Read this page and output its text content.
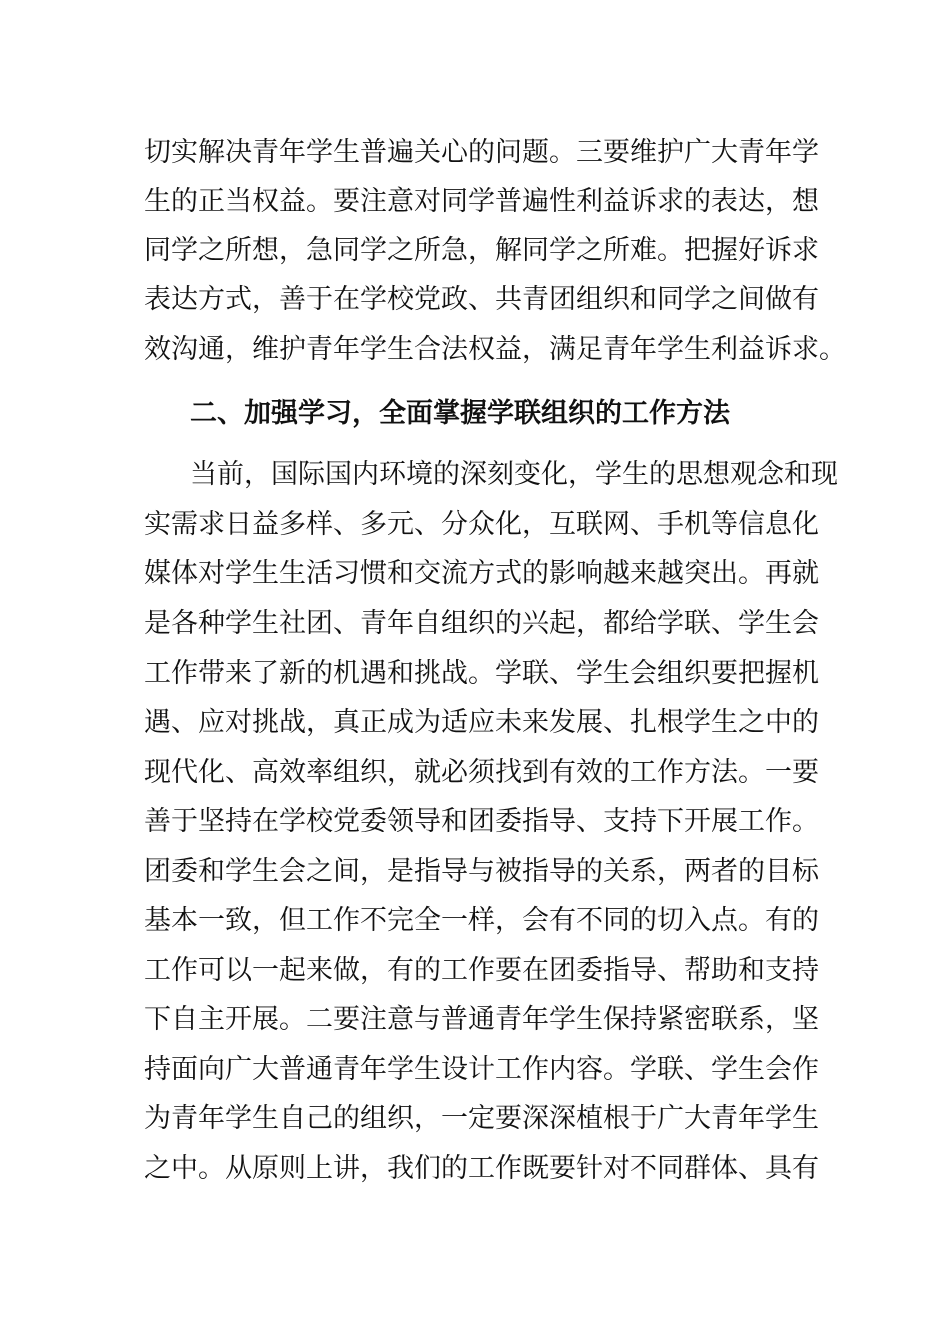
切实解决青年学生普遍关心的问题。三要维护广大青年学
生的正当权益。要注意对同学普遍性利益诉求的表达，想
同学之所想，急同学之所急，解同学之所难。把握好诉求
表达方式，善于在学校党政、共青团组织和同学之间做有
效沟通，维护青年学生合法权益，满足青年学生利益诉求。
二、加强学习，全面掌握学联组织的工作方法
当前，国际国内环境的深刻变化，学生的思想观念和现
实需求日益多样、多元、分众化，互联网、手机等信息化
媒体对学生生活习惯和交流方式的影响越来越突出。再就
是各种学生社团、青年自组织的兴起，都给学联、学生会
工作带来了新的机遇和挑战。学联、学生会组织要把握机
遇、应对挑战，真正成为适应未来发展、扎根学生之中的
现代化、高效率组织，就必须找到有效的工作方法。一要
善于坚持在学校党委领导和团委指导、支持下开展工作。
团委和学生会之间，是指导与被指导的关系，两者的目标
基本一致，但工作不完全一样，会有不同的切入点。有的
工作可以一起来做，有的工作要在团委指导、帮助和支持
下自主开展。二要注意与普通青年学生保持紧密联系，坚
持面向广大普通青年学生设计工作内容。学联、学生会作
为青年学生自己的组织，一定要深深植根于广大青年学生
之中。从原则上讲，我们的工作既要针对不同群体、具有
